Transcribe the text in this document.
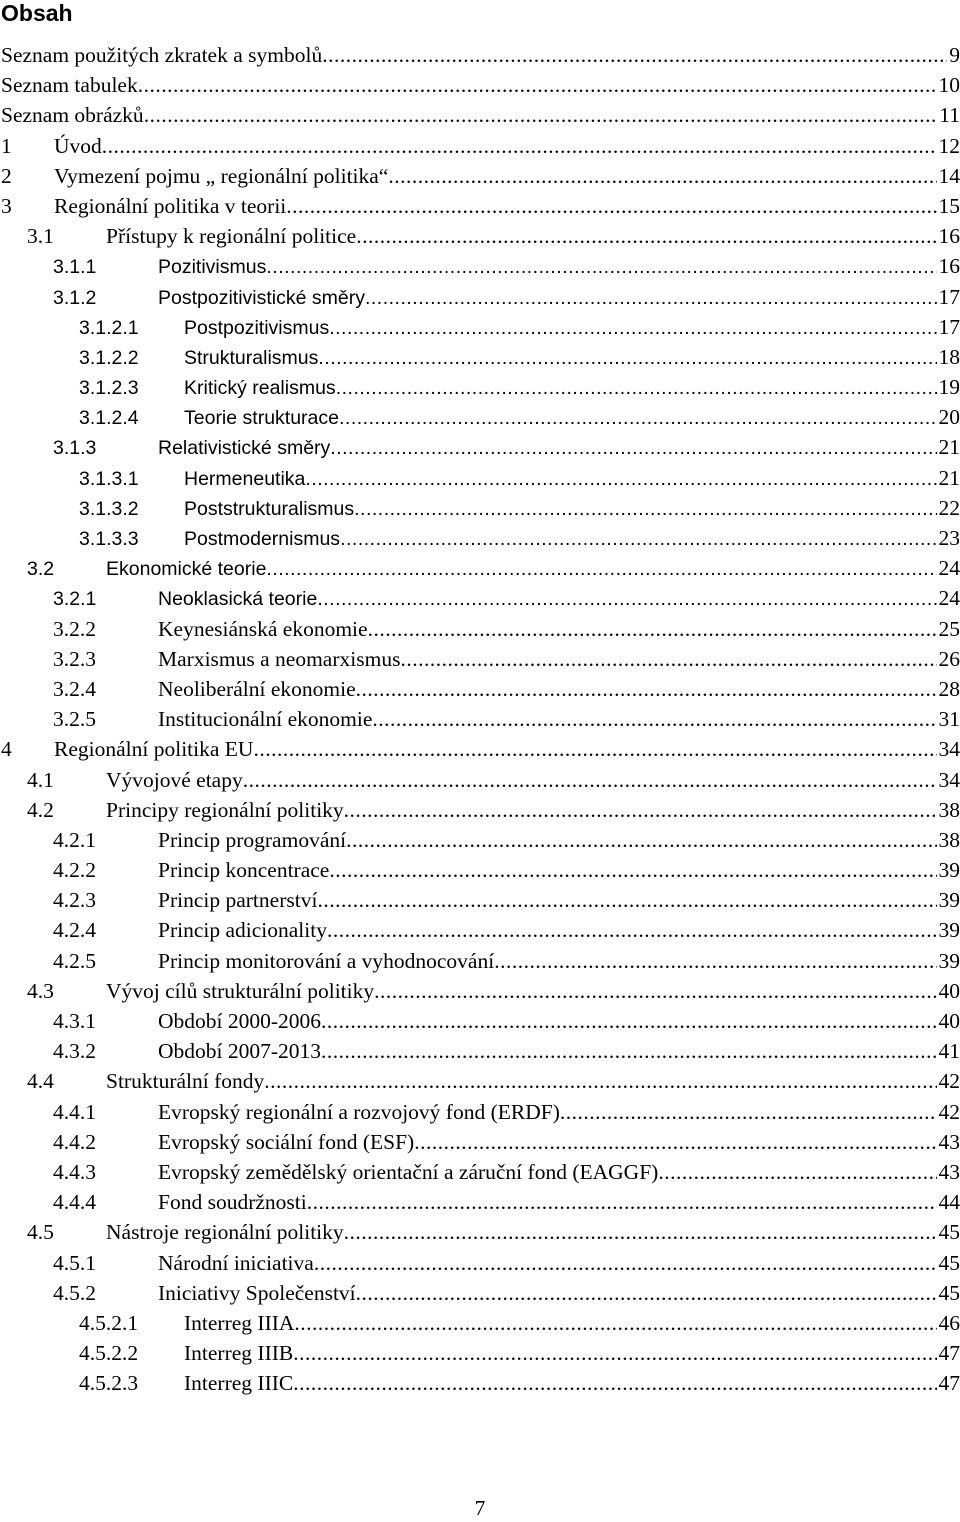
Obsah
Seznam použitých zkratek a symbolů .....	9
Seznam tabulek .....	10
Seznam obrázků .....	11
1	Úvod .....	12
2	Vymezení pojmu „ regionální politika“ .....	14
3	Regionální politika v teorii .....	15
3.1	Přístupy k regionální politice .....	16
3.1.1	Pozitivismus .....	16
3.1.2	Postpozitivistické směry .....	17
3.1.2.1	Postpozitivismus .....	17
3.1.2.2	Strukturalismus .....	18
3.1.2.3	Kritický realismus .....	19
3.1.2.4	Teorie strukturace .....	20
3.1.3	Relativistické směry .....	21
3.1.3.1	Hermeneutika .....	21
3.1.3.2	Poststrukturalismus .....	22
3.1.3.3	Postmodernismus .....	23
3.2	Ekonomické teorie .....	24
3.2.1	Neoklasická teorie .....	24
3.2.2	Keynesiánská ekonomie .....	25
3.2.3	Marxismus a neomarxismus .....	26
3.2.4	Neoliberální ekonomie .....	28
3.2.5	Institucionální ekonomie .....	31
4	Regionální politika EU .....	34
4.1	Vývojové etapy .....	34
4.2	Principy regionální politiky .....	38
4.2.1	Princip programování .....	38
4.2.2	Princip koncentrace .....	39
4.2.3	Princip partnerství .....	39
4.2.4	Princip adicionality .....	39
4.2.5	Princip monitorování a vyhodnocování .....	39
4.3	Vývoj cílů strukturální politiky .....	40
4.3.1	Období 2000-2006 .....	40
4.3.2	Období 2007-2013 .....	41
4.4	Strukturální fondy .....	42
4.4.1	Evropský regionální a rozvojový fond (ERDF) .....	42
4.4.2	Evropský sociální fond (ESF) .....	43
4.4.3	Evropský zemědělský orientační a záruční fond (EAGGF) .....	43
4.4.4	Fond soudržnosti .....	44
4.5	Nástroje regionální politiky .....	45
4.5.1	Národní iniciativa .....	45
4.5.2	Iniciativy Společenství .....	45
4.5.2.1	Interreg IIIA .....	46
4.5.2.2	Interreg IIIB .....	47
4.5.2.3	Interreg IIIC .....	47
7
